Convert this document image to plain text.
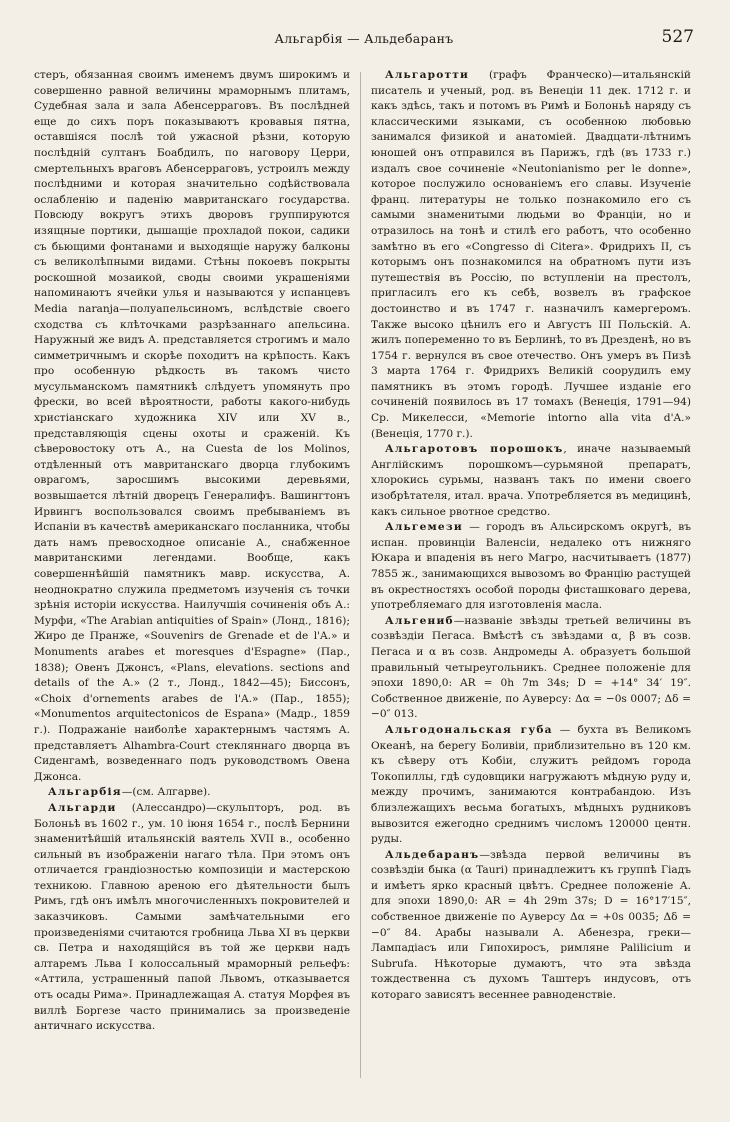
Альгарбія — Альдебаранъ	527

стеръ, обязанная своимъ именемъ двумъ широкимъ и совершенно равной величины мраморнымъ плитамъ, Судебная зала и зала Абенсерраговъ. Въ послѣдней еще до сихъ поръ показываютъ кровавыя пятна, оставшіяся послѣ той ужасной рѣзни, которую послѣдній султанъ Боабдилъ, по наговору Церри, смертельныхъ враговъ Абенсерраговъ, устроилъ между послѣдними и которая значительно содѣйствовала ослабленію и паденію мавританскаго государства. Повсюду вокругъ этихъ дворовъ группируются изящные портики, дышащіе прохладой покои, садики съ бьющими фонтанами и выходящіе наружу балконы съ великолѣпными видами. Стѣны покоевъ покрыты роскошной мозаикой, своды своими украшеніями напоминаютъ ячейки улья и называются у испанцевъ Media naranja—полуапельсиномъ, вслѣдствіе своего сходства съ клѣточками разрѣзаннаго апельсина. Наружный же видъ А. представляется строгимъ и мало симметричнымъ и скорѣе походитъ на крѣпость. Какъ про особенную рѣдкость въ такомъ чисто мусульманскомъ памятникѣ слѣдуетъ упомянуть про фрески, во всей вѣроятности, работы какого-нибудь христіанскаго художника XIV или XV в., представляющія сцены охоты и сраженій. Къ сѣверовостоку отъ А., на Cuesta de los Molinos, отдѣленный отъ мавританскаго дворца глубокимъ оврагомъ, заросшимъ высокими деревьями, возвышается лѣтній дворецъ Генералифъ. Вашингтонъ Ирвингъ воспользовался своимъ пребываніемъ въ Испаніи въ качествѣ американскаго посланника, чтобы дать намъ превосходное описаніе А., снабженное мавританскими легендами. Вообще, какъ совершеннѣйшій памятникъ мавр. искусства, А. неоднократно служила предметомъ изученія съ точки зрѣнія исторіи искусства. Наилучшія сочиненія объ А.: Мурфи, «The Arabian antiquities of Spain» (Лонд., 1816); Жиро де Пранже, «Souvenirs de Grenade et de l'A.» и Monuments arabes et moresques d'Espagne» (Пар., 1838); Овенъ Джонсъ, «Plans, elevations. sections and details of the A.» (2 т., Лонд., 1842—45); Биссонъ, «Choix d'ornements arabes de l'A.» (Пар., 1855); «Monumentos arquitectonicos de Espana» (Мадр., 1859 г.). Подражаніе наиболѣе характернымъ частямъ А. представляетъ Alhambra-Court стекляннаго дворца въ Сиденгамѣ, возведеннаго подъ руководствомъ Овена Джонса.

Альгарбія—(см. Алгарве).

Альгарди (Алессандро)—скульпторъ, род. въ Болоньѣ въ 1602 г., ум. 10 іюня 1654 г., послѣ Бернини знаменитѣйшій итальянскій ваятель XVII в., особенно сильный въ изображеніи нагаго тѣла. При этомъ онъ отличается грандіозностью композиціи и мастерскою техникою. Главною ареною его дѣятельности былъ Римъ, гдѣ онъ имѣлъ многочисленныхъ покровителей и заказчиковъ. Самыми замѣчательными его произведеніями считаются гробница Льва XI въ церкви св. Петра и находящійся въ той же церкви надъ алтаремъ Льва I колоссальный мраморный рельефъ: «Аттила, устрашенный папой Львомъ, отказывается отъ осады Рима». Принадлежащая А. статуя Морфея въ виллѣ Боргезе часто принимались за произведеніе античнаго искусства.

Альгаротти (графъ Франческо)—итальянскій писатель и ученый, род. въ Венеціи 11 дек. 1712 г. и какъ здѣсь, такъ и потомъ въ Римѣ и Болоньѣ наряду съ классическими языками, съ особенною любовью занимался физикой и анатоміей. Двадцати-лѣтнимъ юношей онъ отправился въ Парижъ, гдѣ (въ 1733 г.) издалъ свое сочиненіе «Neutonianismo per le donne», которое послужило основаніемъ его славы. Изученіе франц. литературы не только познакомило его съ самыми знаменитыми людьми во Франціи, но и отразилось на тонѣ и стилѣ его работъ, что особенно замѣтно въ его «Congresso di Citera». Фридрихъ II, съ которымъ онъ познакомился на обратномъ пути изъ путешествія въ Россію, по вступленіи на престолъ, пригласилъ его къ себѣ, возвелъ въ графское достоинство и въ 1747 г. назначилъ камергеромъ. Также высоко цѣнилъ его и Августъ III Польскій. А. жилъ попеременно то въ Берлинѣ, то въ Дрезденѣ, но въ 1754 г. вернулся въ свое отечество. Онъ умеръ въ Пизѣ 3 марта 1764 г. Фридрихъ Великій соорудилъ ему памятникъ въ этомъ городѣ. Лучшее изданіе его сочиненій появилось въ 17 томахъ (Венеція, 1791—94) Ср. Микелесси, «Memorie intorno alla vita d'A.» (Венеція, 1770 г.).

Альгаротовъ порошокъ, иначе называемый Англійскимъ порошкомъ—сурьмяной препаратъ, хлорокись сурьмы, названъ такъ по имени своего изобрѣтателя, итал. врача. Употребляется въ медицинѣ, какъ сильное рвотное средство.

Альгемези — городъ въ Альсирскомъ округѣ, въ испан. провинціи Валенсіи, недалеко отъ нижняго Юкара и впаденія въ него Магро, насчитываетъ (1877) 7855 ж., занимающихся вывозомъ во Францію растущей въ окрестностяхъ особой породы фисташковаго дерева, употребляемаго для изготовленія масла.

Альгениб—названіе звѣзды третьей величины въ созвѣздіи Пегаса. Вмѣстѣ съ звѣздами α, β въ созв. Пегаса и α въ созв. Андромеды А. образуетъ большой правильный четыреугольникъ. Среднее положеніе для эпохи 1890,0: AR = 0h 7m 34s; D = +14° 34′ 19″. Собственное движеніе, по Ауверсу: Δα = −0s 0007; Δδ = −0″ 013.

Альгодональская губа — бухта въ Великомъ Океанѣ, на берегу Боливіи, приблизительно въ 120 км. къ сѣверу отъ Кобіи, служитъ рейдомъ города Токопиллы, гдѣ судовщики нагружаютъ мѣдную руду и, между прочимъ, занимаются контрабандою. Изъ близлежащихъ весьма богатыхъ, мѣдныхъ рудниковъ вывозится ежегодно среднимъ числомъ 120000 центн. руды.

Альдебаранъ—звѣзда первой величины въ созвѣздіи быка (α Tauri) принадлежитъ къ группѣ Гіадъ и имѣетъ ярко красный цвѣтъ. Среднее положеніе А. для эпохи 1890,0: AR = 4h 29m 37s; D = 16°17′15″, собственное движеніе по Ауверсу Δα = +0s 0035; Δδ = −0″ 84. Арабы называли А. Абенезра, греки—Лампадіасъ или Гипохиросъ, римляне Palilicium и Subrufa. Нѣкоторые думаютъ, что эта звѣзда тождественна съ духомъ Таштеръ индусовъ, отъ котораго зависятъ весеннее равноденствіе.
